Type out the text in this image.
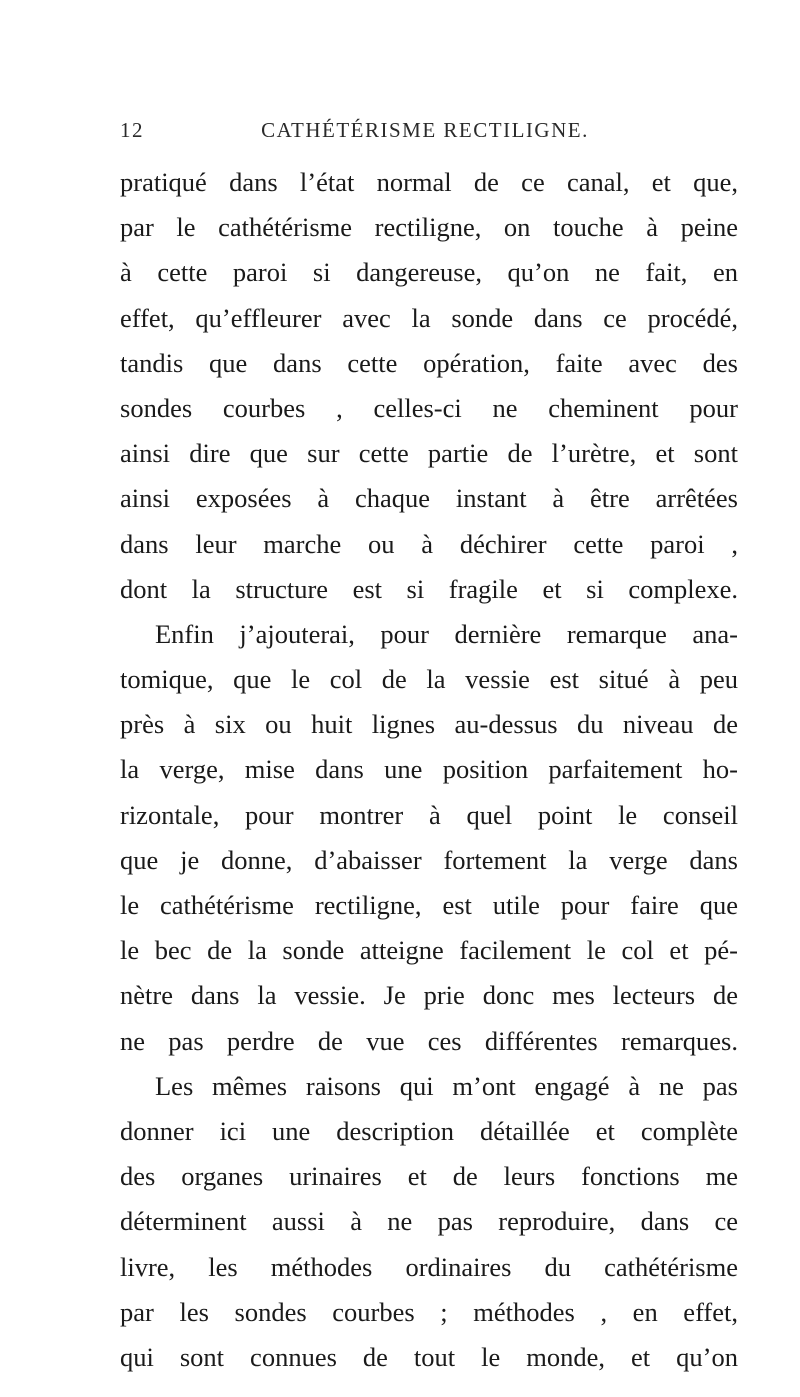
12	CATHÉTÉRISME RECTILIGNE.
pratiqué dans l’état normal de ce canal, et que,
par le cathétérisme rectiligne, on touche à peine
à cette paroi si dangereuse, qu’on ne fait, en
effet, qu’effleurer avec la sonde dans ce procédé,
tandis que dans cette opération, faite avec des
sondes courbes , celles-ci ne cheminent pour
ainsi dire que sur cette partie de l’urètre, et sont
ainsi exposées à chaque instant à être arrêtées
dans leur marche ou à déchirer cette paroi ,
dont la structure est si fragile et si complexe.
Enfin j’ajouterai, pour dernière remarque ana-
tomique, que le col de la vessie est situé à peu
près à six ou huit lignes au-dessus du niveau de
la verge, mise dans une position parfaitement ho-
rizontale, pour montrer à quel point le conseil
que je donne, d’abaisser fortement la verge dans
le cathétérisme rectiligne, est utile pour faire que
le bec de la sonde atteigne facilement le col et pé-
nètre dans la vessie. Je prie donc mes lecteurs de
ne pas perdre de vue ces différentes remarques.
Les mêmes raisons qui m’ont engagé à ne pas
donner ici une description détaillée et complète
des organes urinaires et de leurs fonctions me
déterminent aussi à ne pas reproduire, dans ce
livre, les méthodes ordinaires du cathétérisme
par les sondes courbes ; méthodes , en effet,
qui sont connues de tout le monde, et qu’on
